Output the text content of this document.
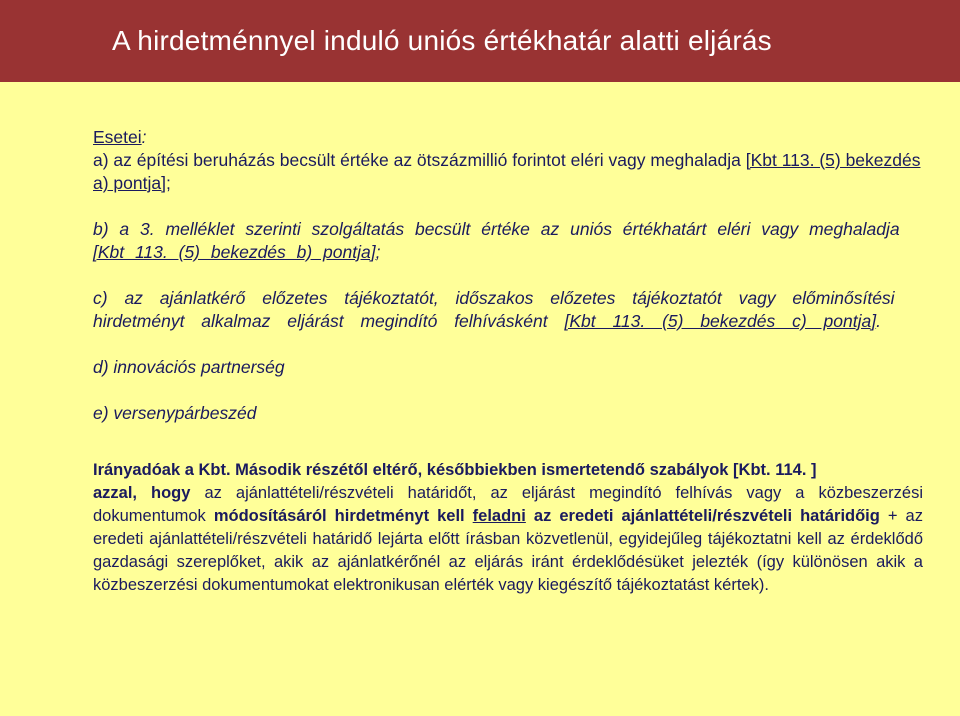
A hirdetménnyel induló uniós értékhatár alatti eljárás

Esetei:

a) az építési beruházás becsült értéke az ötszázmillió forintot eléri vagy meghaladja [Kbt 113. (5) bekezdés a) pontja];

b) a 3. melléklet szerinti szolgáltatás becsült értéke az uniós értékhatárt eléri vagy meghaladja [Kbt 113. (5) bekezdés b) pontja];

c) az ajánlatkérő előzetes tájékoztatót, időszakos előzetes tájékoztatót vagy előminősítési hirdetményt alkalmaz eljárást megindító felhívásként [Kbt 113. (5) bekezdés c) pontja].

d) innovációs partnerség

e) versenypárbeszéd

Irányadóak a Kbt. Második részétől eltérő, későbbiekben ismertetendő szabályok [Kbt. 114. ]

azzal, hogy az ajánlattételi/részvételi határidőt, az eljárást megindító felhívás vagy a közbeszerzési dokumentumok módosításáról hirdetményt kell feladni az eredeti ajánlattételi/részvételi határidőig + az eredeti ajánlattételi/részvételi határidő lejárta előtt írásban közvetlenül, egyidejűleg tájékoztatni kell az érdeklődő gazdasági szereplőket, akik az ajánlatkérőnél az eljárás iránt érdeklődésüket jelezték (így különösen akik a közbeszerzési dokumentumokat elektronikusan elérték vagy kiegészítő tájékoztatást kértek).
